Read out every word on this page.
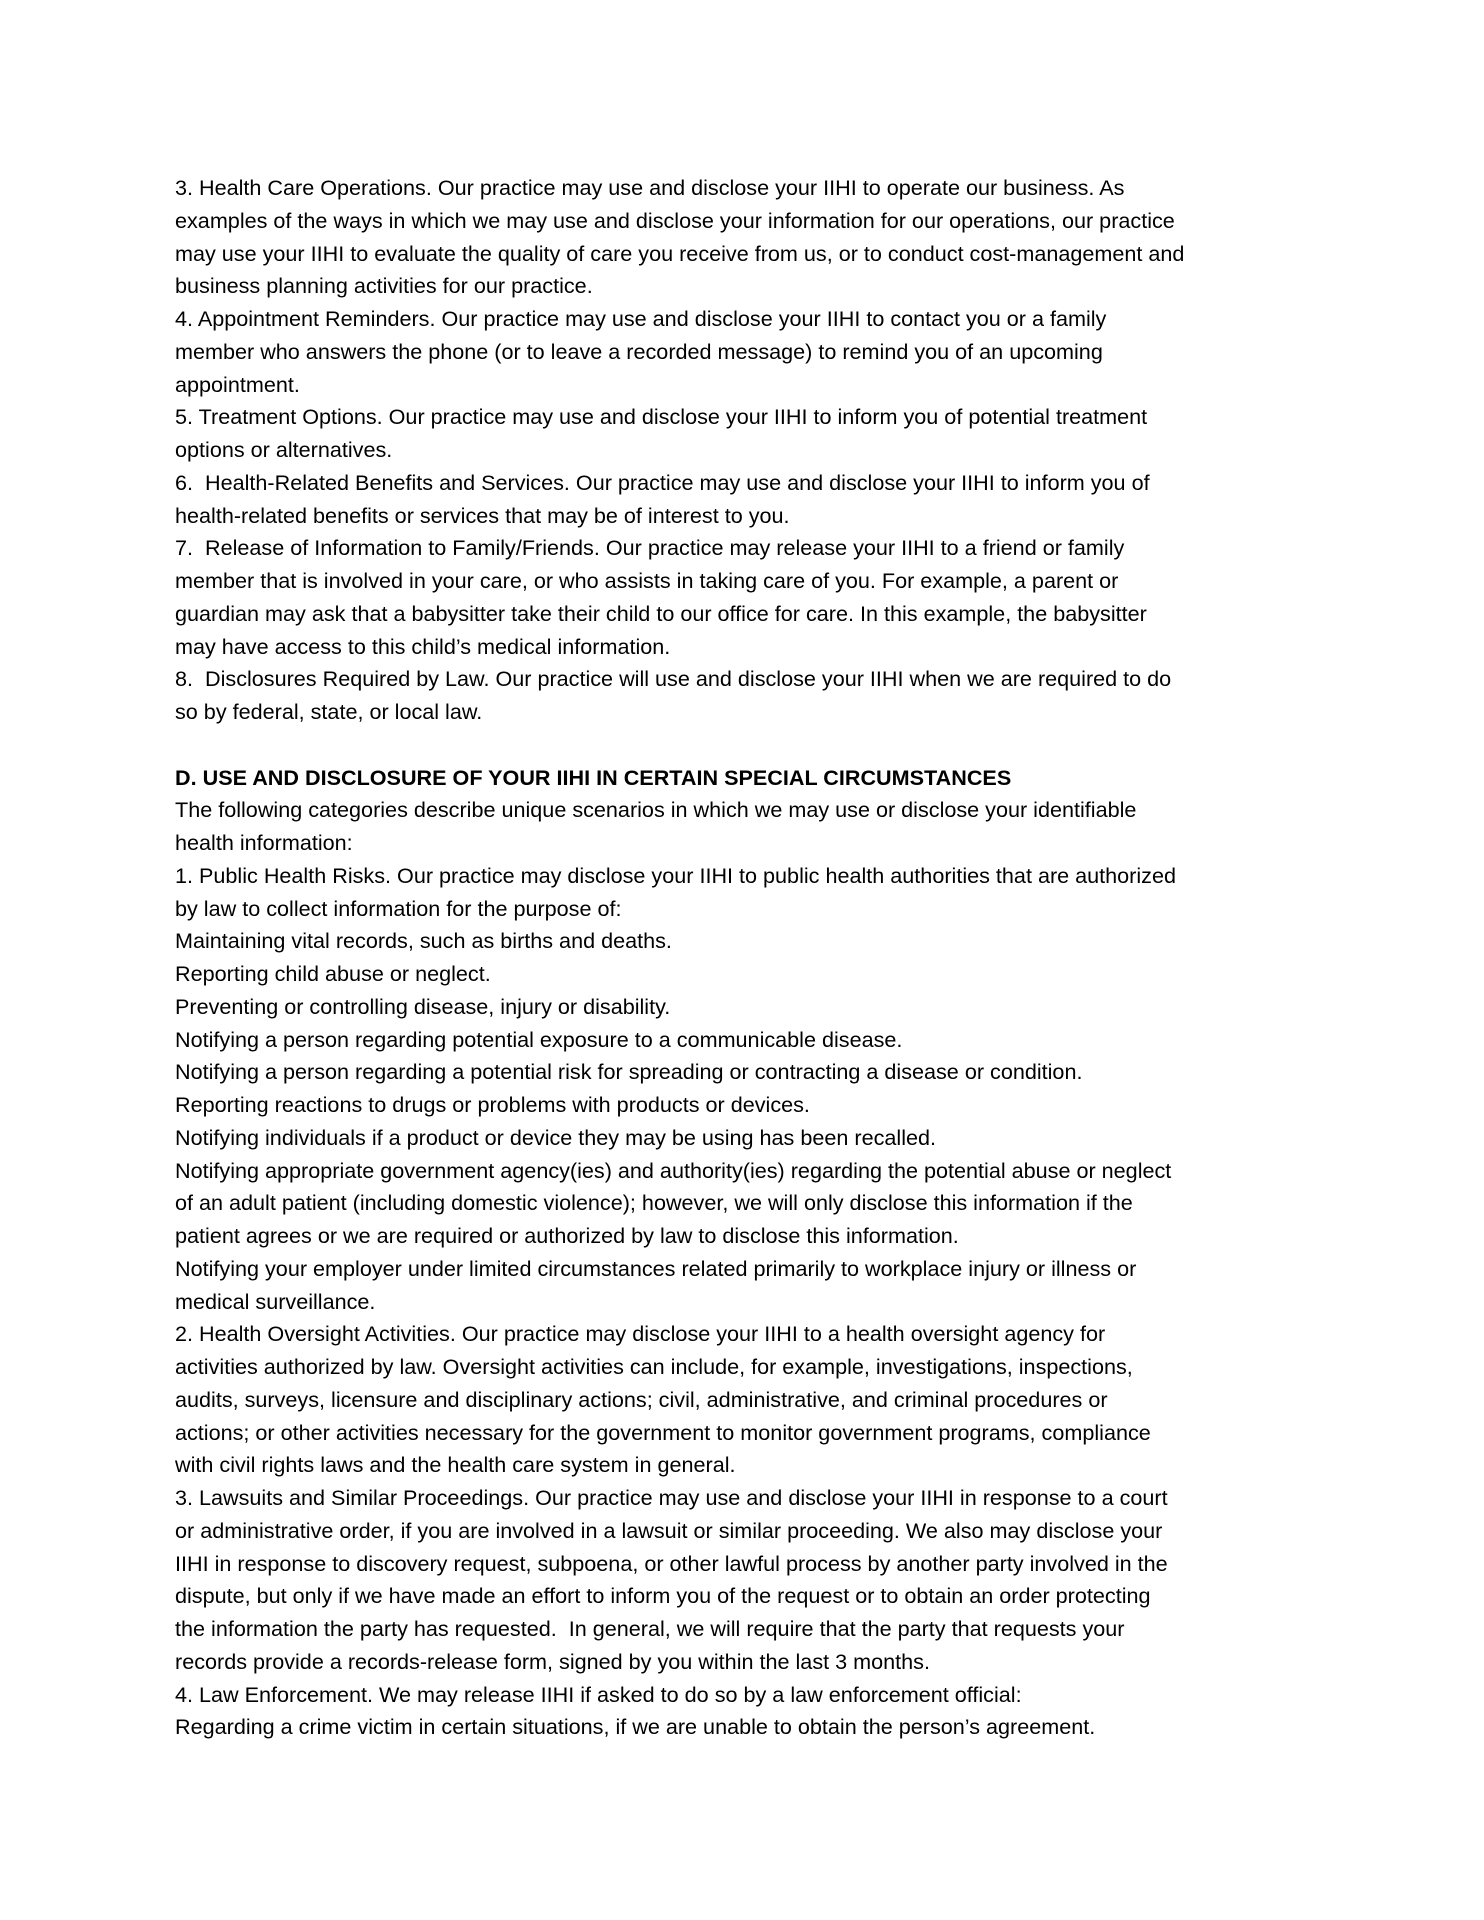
3. Health Care Operations. Our practice may use and disclose your IIHI to operate our business. As
examples of the ways in which we may use and disclose your information for our operations, our practice
may use your IIHI to evaluate the quality of care you receive from us, or to conduct cost-management and
business planning activities for our practice.
4. Appointment Reminders. Our practice may use and disclose your IIHI to contact you or a family
member who answers the phone (or to leave a recorded message) to remind you of an upcoming
appointment.
5. Treatment Options. Our practice may use and disclose your IIHI to inform you of potential treatment
options or alternatives.
6.  Health-Related Benefits and Services. Our practice may use and disclose your IIHI to inform you of
health-related benefits or services that may be of interest to you.
7.  Release of Information to Family/Friends. Our practice may release your IIHI to a friend or family
member that is involved in your care, or who assists in taking care of you. For example, a parent or
guardian may ask that a babysitter take their child to our office for care. In this example, the babysitter
may have access to this child’s medical information.
8.  Disclosures Required by Law. Our practice will use and disclose your IIHI when we are required to do
so by federal, state, or local law.
D. USE AND DISCLOSURE OF YOUR IIHI IN CERTAIN SPECIAL CIRCUMSTANCES
The following categories describe unique scenarios in which we may use or disclose your identifiable
health information:
1. Public Health Risks. Our practice may disclose your IIHI to public health authorities that are authorized
by law to collect information for the purpose of:
Maintaining vital records, such as births and deaths.
Reporting child abuse or neglect.
Preventing or controlling disease, injury or disability.
Notifying a person regarding potential exposure to a communicable disease.
Notifying a person regarding a potential risk for spreading or contracting a disease or condition.
Reporting reactions to drugs or problems with products or devices.
Notifying individuals if a product or device they may be using has been recalled.
Notifying appropriate government agency(ies) and authority(ies) regarding the potential abuse or neglect
of an adult patient (including domestic violence); however, we will only disclose this information if the
patient agrees or we are required or authorized by law to disclose this information.
Notifying your employer under limited circumstances related primarily to workplace injury or illness or
medical surveillance.
2. Health Oversight Activities. Our practice may disclose your IIHI to a health oversight agency for
activities authorized by law. Oversight activities can include, for example, investigations, inspections,
audits, surveys, licensure and disciplinary actions; civil, administrative, and criminal procedures or
actions; or other activities necessary for the government to monitor government programs, compliance
with civil rights laws and the health care system in general.
3. Lawsuits and Similar Proceedings. Our practice may use and disclose your IIHI in response to a court
or administrative order, if you are involved in a lawsuit or similar proceeding. We also may disclose your
IIHI in response to discovery request, subpoena, or other lawful process by another party involved in the
dispute, but only if we have made an effort to inform you of the request or to obtain an order protecting
the information the party has requested.  In general, we will require that the party that requests your
records provide a records-release form, signed by you within the last 3 months.
4. Law Enforcement. We may release IIHI if asked to do so by a law enforcement official:
Regarding a crime victim in certain situations, if we are unable to obtain the person’s agreement.
